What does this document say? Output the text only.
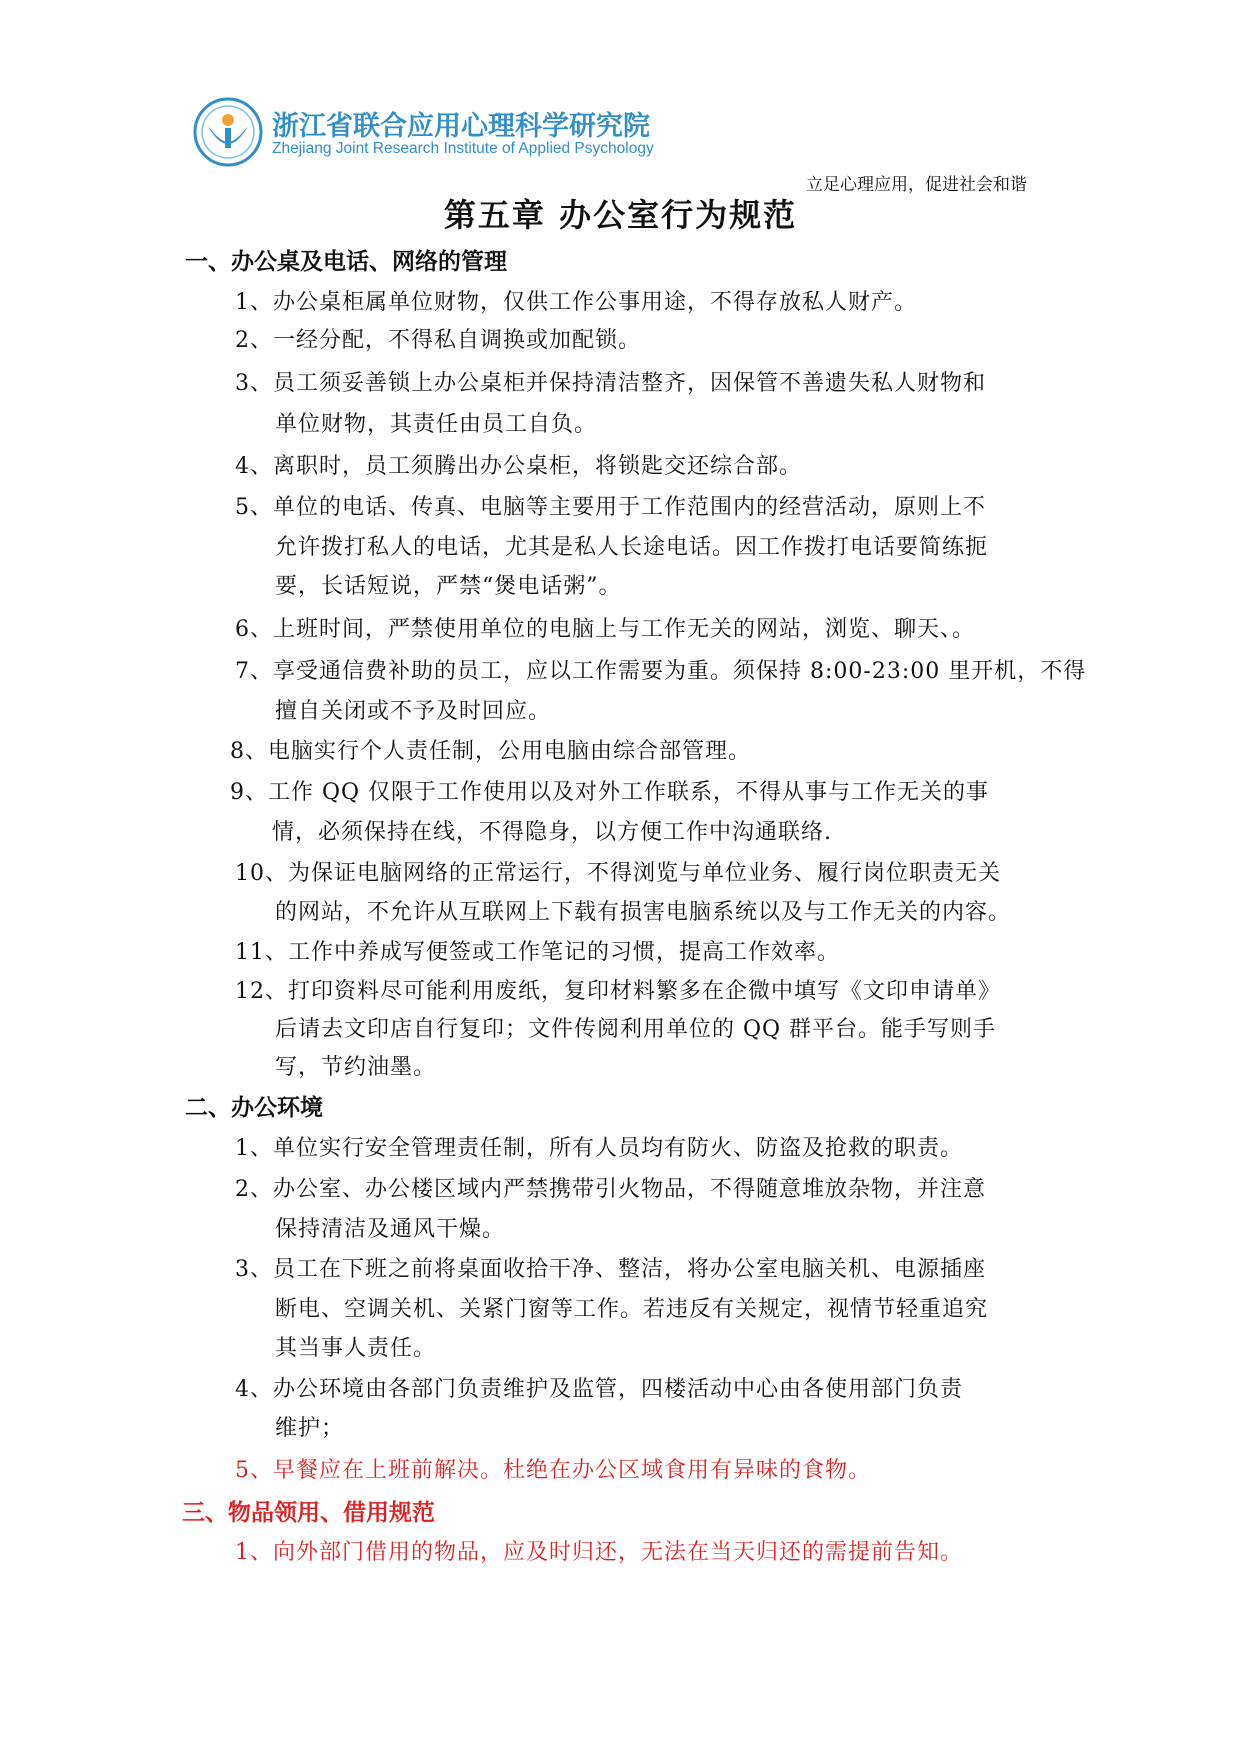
浙江省联合应用心理科学研究院
Zhejiang Joint Research Institute of Applied Psychology
立足心理应用，促进社会和谐
第五章 办公室行为规范
一、办公桌及电话、网络的管理
1、办公桌柜属单位财物，仅供工作公事用途，不得存放私人财产。
2、一经分配，不得私自调换或加配锁。
3、员工须妥善锁上办公桌柜并保持清洁整齐，因保管不善遗失私人财物和
单位财物，其责任由员工自负。
4、离职时，员工须腾出办公桌柜，将锁匙交还综合部。
5、单位的电话、传真、电脑等主要用于工作范围内的经营活动，原则上不
允许拨打私人的电话，尤其是私人长途电话。因工作拨打电话要简练扼
要，长话短说，严禁“煲电话粥”。
6、上班时间，严禁使用单位的电脑上与工作无关的网站，浏览、聊天、。
7、享受通信费补助的员工，应以工作需要为重。须保持 8:00-23:00 里开机，不得
擅自关闭或不予及时回应。
8、电脑实行个人责任制，公用电脑由综合部管理。
9、工作 QQ 仅限于工作使用以及对外工作联系，不得从事与工作无关的事
情，必须保持在线，不得隐身，以方便工作中沟通联络.
10、为保证电脑网络的正常运行，不得浏览与单位业务、履行岗位职责无关
的网站，不允许从互联网上下载有损害电脑系统以及与工作无关的内容。
11、工作中养成写便签或工作笔记的习惯，提高工作效率。
12、打印资料尽可能利用废纸，复印材料繁多在企微中填写《文印申请单》
后请去文印店自行复印；文件传阅利用单位的 QQ 群平台。能手写则手
写，节约油墨。
二、办公环境
1、单位实行安全管理责任制，所有人员均有防火、防盗及抢救的职责。
2、办公室、办公楼区域内严禁携带引火物品，不得随意堆放杂物，并注意
保持清洁及通风干燥。
3、员工在下班之前将桌面收拾干净、整洁，将办公室电脑关机、电源插座
断电、空调关机、关紧门窗等工作。若违反有关规定，视情节轻重追究
其当事人责任。
4、办公环境由各部门负责维护及监管，四楼活动中心由各使用部门负责
维护；
5、早餐应在上班前解决。杜绝在办公区域食用有异味的食物。
三、物品领用、借用规范
1、向外部门借用的物品，应及时归还，无法在当天归还的需提前告知。
